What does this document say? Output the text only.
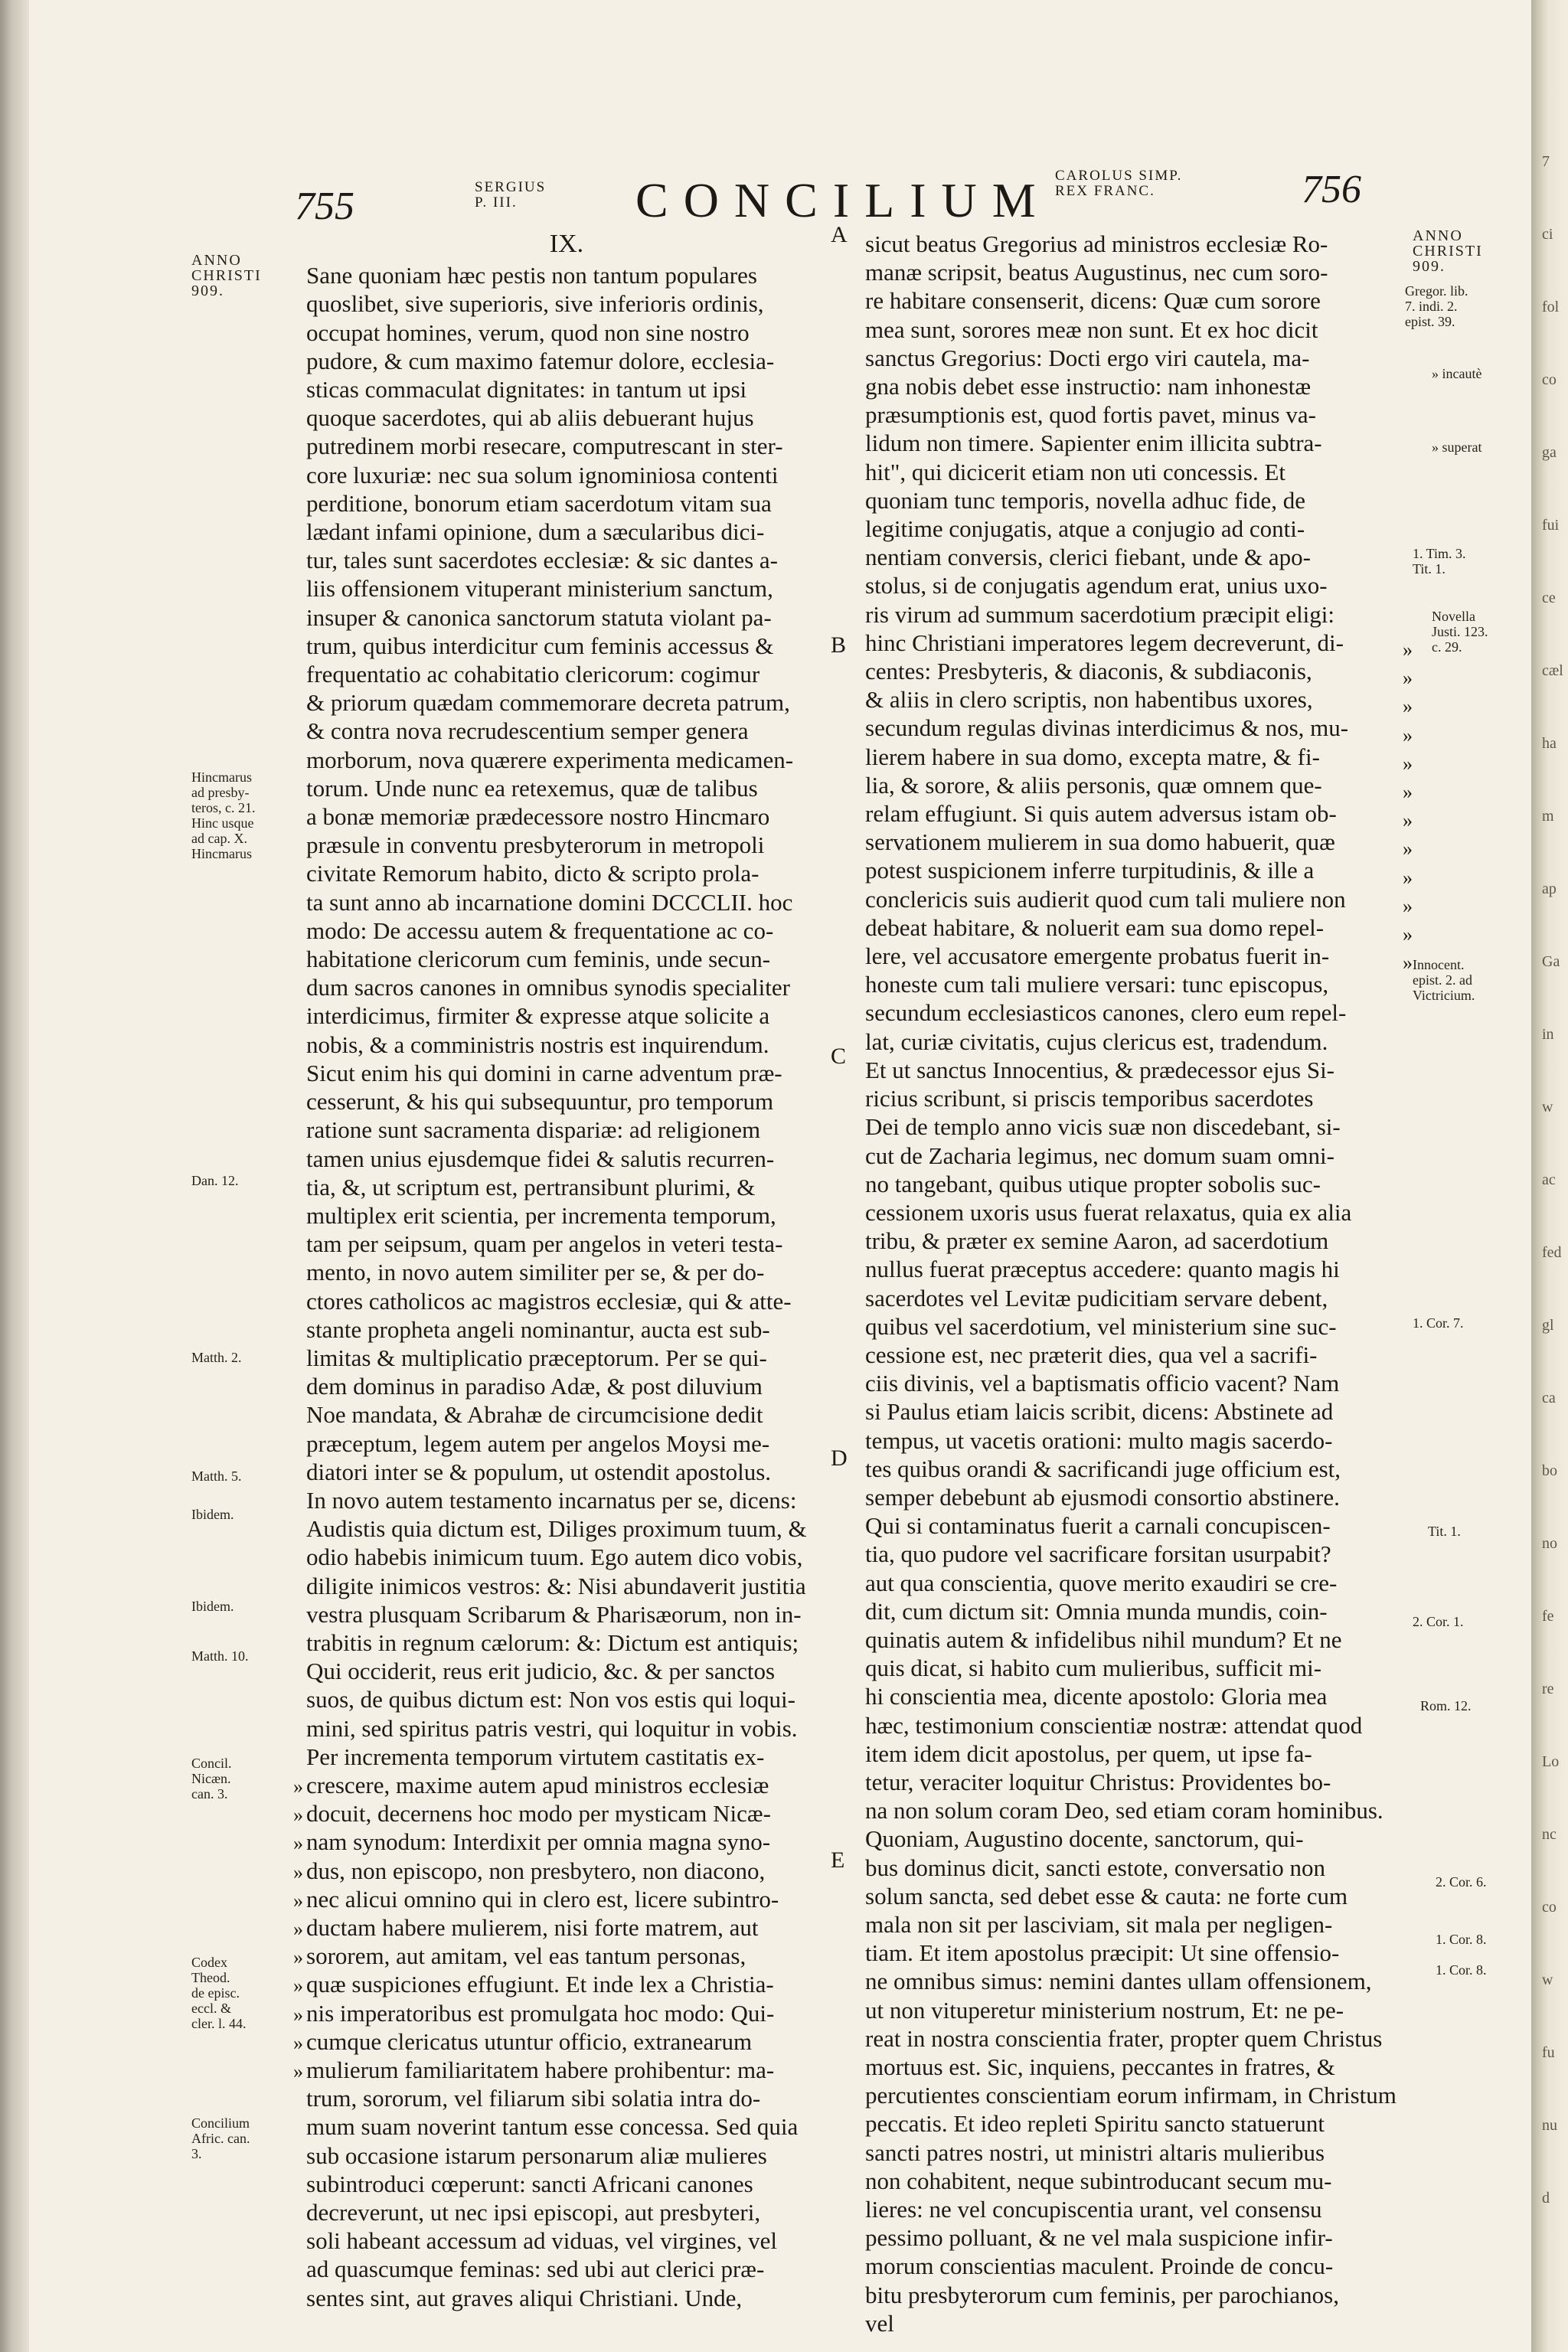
755	SERGIUS
P. III.	CONCILIUM CAROLUS SIMP.
REX FRANC.	756
ANNO
CHRISTI
909.
Hincmarus
ad presby-
teros, c. 21.
Hinc usque
ad cap. X.
Hincmarus
Dan. 12.
Matth. 2.
Matth. 5.
Ibidem.
Ibidem.
Matth. 10.
Concil.
Nicæn.
can. 3.
Codex
Theod.
de episc.
eccl. &
cler. l. 44.
Concilium
Afric. can.
3.
»
»
»
»
»
»
»
»
»
»
»
IX.

Sane quoniam hæc pestis non tantum populares

quoslibet, sive superioris, sive inferioris ordinis,

occupat homines, verum, quod non sine nostro

pudore, & cum maximo fatemur dolore, ecclesia-

sticas commaculat dignitates: in tantum ut ipsi

quoque sacerdotes, qui ab aliis debuerant hujus

putredinem morbi resecare, computrescant in ster-

core luxuriæ: nec sua solum ignominiosa contenti

perditione, bonorum etiam sacerdotum vitam sua

lædant infami opinione, dum a sæcularibus dici-

tur, tales sunt sacerdotes ecclesiæ: & sic dantes a-

liis offensionem vituperant ministerium sanctum,

insuper & canonica sanctorum statuta violant pa-

trum, quibus interdicitur cum feminis accessus &

frequentatio ac cohabitatio clericorum: cogimur

& priorum quædam commemorare decreta patrum,

& contra nova recrudescentium semper genera

morborum, nova quærere experimenta medicamen-

torum. Unde nunc ea retexemus, quæ de talibus

a bonæ memoriæ prædecessore nostro Hincmaro

præsule in conventu presbyterorum in metropoli

civitate Remorum habito, dicto & scripto prola-

ta sunt anno ab incarnatione domini DCCCLII. hoc

modo: De accessu autem & frequentatione ac co-

habitatione clericorum cum feminis, unde secun-

dum sacros canones in omnibus synodis specialiter

interdicimus, firmiter & expresse atque solicite a

nobis, & a comministris nostris est inquirendum.

Sicut enim his qui domini in carne adventum præ-

cesserunt, & his qui subsequuntur, pro temporum

ratione sunt sacramenta dispariæ: ad religionem

tamen unius ejusdemque fidei & salutis recurren-

tia, &, ut scriptum est, pertransibunt plurimi, &

multiplex erit scientia, per incrementa temporum,

tam per seipsum, quam per angelos in veteri testa-

mento, in novo autem similiter per se, & per do-

ctores catholicos ac magistros ecclesiæ, qui & atte-

stante propheta angeli nominantur, aucta est sub-

limitas & multiplicatio præceptorum. Per se qui-

dem dominus in paradiso Adæ, & post diluvium

Noe mandata, & Abrahæ de circumcisione dedit

præceptum, legem autem per angelos Moysi me-

diatori inter se & populum, ut ostendit apostolus.

In novo autem testamento incarnatus per se, dicens:

Audistis quia dictum est, Diliges proximum tuum, &

odio habebis inimicum tuum. Ego autem dico vobis,

diligite inimicos vestros: &: Nisi abundaverit justitia

vestra plusquam Scribarum & Pharisæorum, non in-

trabitis in regnum cælorum: &: Dictum est antiquis;

Qui occiderit, reus erit judicio, &c. & per sanctos

suos, de quibus dictum est: Non vos estis qui loqui-

mini, sed spiritus patris vestri, qui loquitur in vobis.

Per incrementa temporum virtutem castitatis ex-

crescere, maxime autem apud ministros ecclesiæ

docuit, decernens hoc modo per mysticam Nicæ-

nam synodum: Interdixit per omnia magna syno-

dus, non episcopo, non presbytero, non diacono,

nec alicui omnino qui in clero est, licere subintro-

ductam habere mulierem, nisi forte matrem, aut

sororem, aut amitam, vel eas tantum personas,

quæ suspiciones effugiunt. Et inde lex a Christia-

nis imperatoribus est promulgata hoc modo: Qui-

cumque clericatus utuntur officio, extranearum

mulierum familiaritatem habere prohibentur: ma-

trum, sororum, vel filiarum sibi solatia intra do-

mum suam noverint tantum esse concessa. Sed quia

sub occasione istarum personarum aliæ mulieres

subintroduci cœperunt: sancti Africani canones

decreverunt, ut nec ipsi episcopi, aut presbyteri,

soli habeant accessum ad viduas, vel virgines, vel

ad quascumque feminas: sed ubi aut clerici præ-

sentes sint, aut graves aliqui Christiani. Unde,

A
B
C
D
E

sicut beatus Gregorius ad ministros ecclesiæ Ro-

manæ scripsit, beatus Augustinus, nec cum soro-

re habitare consenserit, dicens: Quæ cum sorore

mea sunt, sorores meæ non sunt. Et ex hoc dicit

sanctus Gregorius: Docti ergo viri cautela, ma-

gna nobis debet esse instructio: nam inhonestæ

præsumptionis est, quod fortis pavet, minus va-

lidum non timere. Sapienter enim illicita subtra-

hit", qui dicicerit etiam non uti concessis. Et

quoniam tunc temporis, novella adhuc fide, de

legitime conjugatis, atque a conjugio ad conti-

nentiam conversis, clerici fiebant, unde & apo-

stolus, si de conjugatis agendum erat, unius uxo-

ris virum ad summum sacerdotium præcipit eligi:

hinc Christiani imperatores legem decreverunt, di-

centes: Presbyteris, & diaconis, & subdiaconis,

& aliis in clero scriptis, non habentibus uxores,

secundum regulas divinas interdicimus & nos, mu-

lierem habere in sua domo, excepta matre, & fi-

lia, & sorore, & aliis personis, quæ omnem que-

relam effugiunt. Si quis autem adversus istam ob-

servationem mulierem in sua domo habuerit, quæ

potest suspicionem inferre turpitudinis, & ille a

conclericis suis audierit quod cum tali muliere non

debeat habitare, & noluerit eam sua domo repel-

lere, vel accusatore emergente probatus fuerit in-

honeste cum tali muliere versari: tunc episcopus,

secundum ecclesiasticos canones, clero eum repel-

lat, curiæ civitatis, cujus clericus est, tradendum.

Et ut sanctus Innocentius, & prædecessor ejus Si-

ricius scribunt, si priscis temporibus sacerdotes

Dei de templo anno vicis suæ non discedebant, si-

cut de Zacharia legimus, nec domum suam omni-

no tangebant, quibus utique propter sobolis suc-

cessionem uxoris usus fuerat relaxatus, quia ex alia

tribu, & præter ex semine Aaron, ad sacerdotium

nullus fuerat præceptus accedere: quanto magis hi

sacerdotes vel Levitæ pudicitiam servare debent,

quibus vel sacerdotium, vel ministerium sine suc-

cessione est, nec præterit dies, qua vel a sacrifi-

ciis divinis, vel a baptismatis officio vacent? Nam

si Paulus etiam laicis scribit, dicens: Abstinete ad

tempus, ut vacetis orationi: multo magis sacerdo-

tes quibus orandi & sacrificandi juge officium est,

semper debebunt ab ejusmodi consortio abstinere.

Qui si contaminatus fuerit a carnali concupiscen-

tia, quo pudore vel sacrificare forsitan usurpabit?

aut qua conscientia, quove merito exaudiri se cre-

dit, cum dictum sit: Omnia munda mundis, coin-

quinatis autem & infidelibus nihil mundum? Et ne

quis dicat, si habito cum mulieribus, sufficit mi-

hi conscientia mea, dicente apostolo: Gloria mea

hæc, testimonium conscientiæ nostræ: attendat quod

item idem dicit apostolus, per quem, ut ipse fa-

tetur, veraciter loquitur Christus: Providentes bo-

na non solum coram Deo, sed etiam coram hominibus.

Quoniam, Augustino docente, sanctorum, qui-

bus dominus dicit, sancti estote, conversatio non

solum sancta, sed debet esse & cauta: ne forte cum

mala non sit per lasciviam, sit mala per negligen-

tiam. Et item apostolus præcipit: Ut sine offensio-

ne omnibus simus: nemini dantes ullam offensionem,

ut non vituperetur ministerium nostrum, Et: ne pe-

reat in nostra conscientia frater, propter quem Christus

mortuus est. Sic, inquiens, peccantes in fratres, &

percutientes conscientiam eorum infirmam, in Christum

peccatis. Et ideo repleti Spiritu sancto statuerunt

sancti patres nostri, ut ministri altaris mulieribus

non cohabitent, neque subintroducant secum mu-

lieres: ne vel concupiscentia urant, vel consensu

pessimo polluant, & ne vel mala suspicione infir-

morum conscientias maculent. Proinde de concu-

bitu presbyterorum cum feminis, per parochianos,

vel

»
»
»
»
»
»
»
»
»
»
»
»
ANNO
CHRISTI
909.
Gregor. lib.
7. indi. 2.
epist. 39.
» incautè
» superat
1. Tim. 3.
Tit. 1.
Novella
Justi. 123.
c. 29.
Innocent.
epist. 2. ad
Victricium.
1. Cor. 7.
Tit. 1.
2. Cor. 1.
Rom. 12.
2. Cor. 6.
1. Cor. 8.
1. Cor. 8.
7
ci
fol
co
ga
fui
ce
cæl
ha
m
ap
Ga
in
w
ac
fed
gl
ca
bo
no
fe
re
Lo
nc
co
w
fu
nu
d
